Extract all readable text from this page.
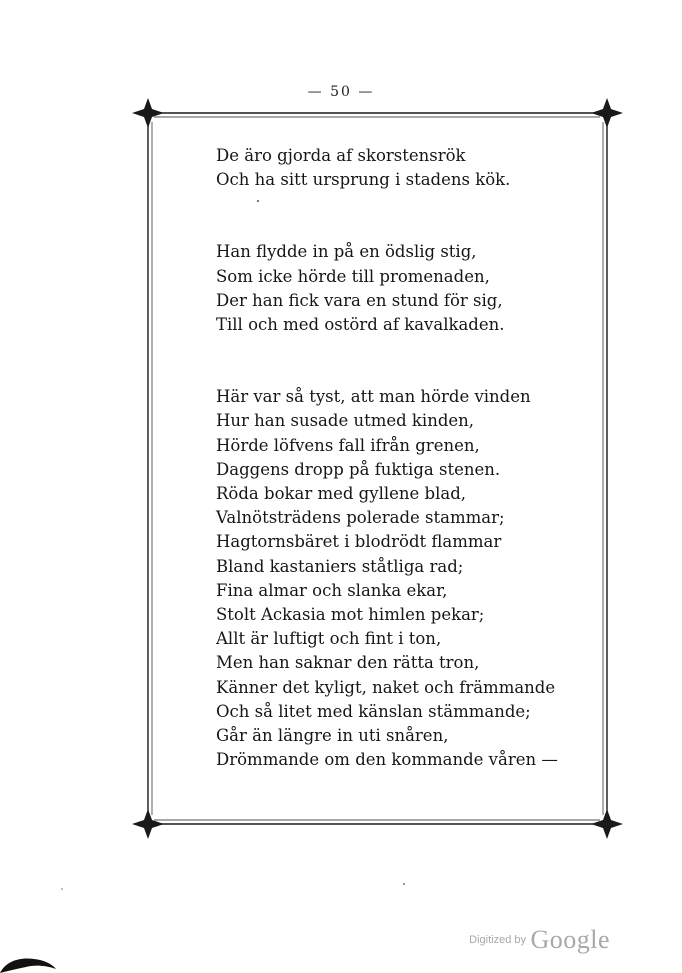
— 50 —
De äro gjorda af skorstensrök
Och ha sitt ursprung i stadens kök.
Han flydde in på en ödslig stig,
Som icke hörde till promenaden,
Der han fick vara en stund för sig,
Till och med ostörd af kavalkaden.
Här var så tyst, att man hörde vinden
Hur han susade utmed kinden,
Hörde löfvens fall ifrån grenen,
Daggens dropp på fuktiga stenen.
Röda bokar med gyllene blad,
Valnötsträdens polerade stammar;
Hagtornsbäret i blodrödt flammar
Bland kastaniers ståtliga rad;
Fina almar och slanka ekar,
Stolt Ackasia mot himlen pekar;
Allt är luftigt och fint i ton,
Men han saknar den rätta tron,
Känner det kyligt, naket och främmande
Och så litet med känslan stämmande;
Går än längre in uti snåren,
Drömmande om den kommande våren —
Digitized by Google
